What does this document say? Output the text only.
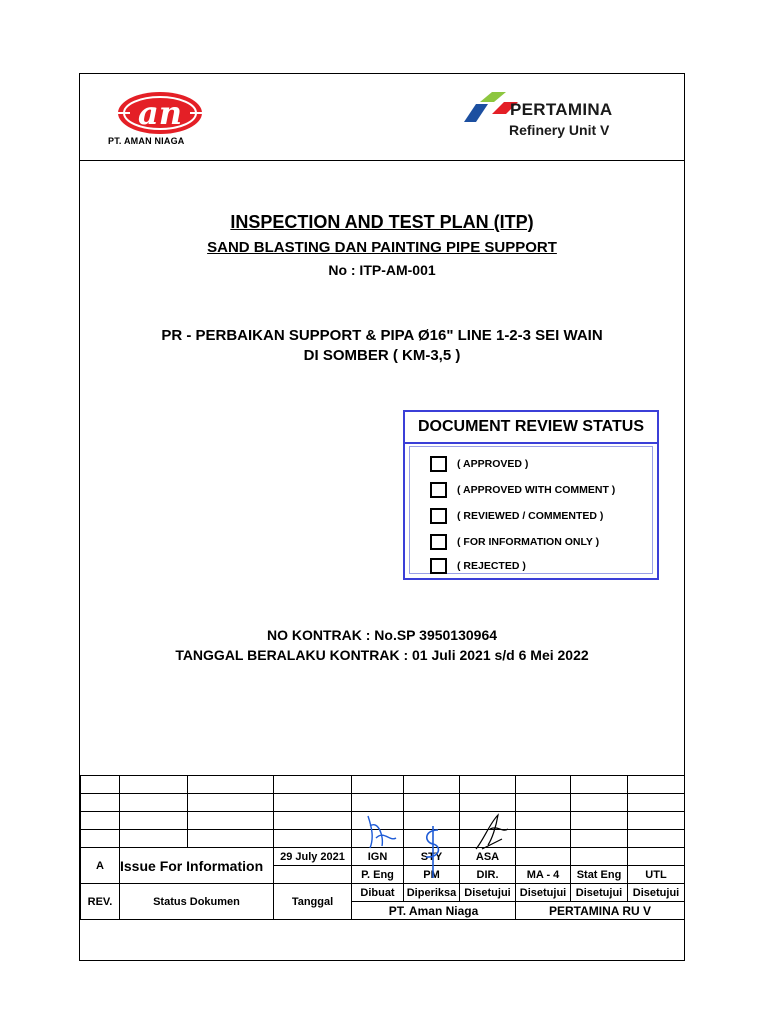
an
PT. AMAN NIAGA
PERTAMINA
Refinery Unit V
INSPECTION AND TEST PLAN (ITP)
SAND BLASTING DAN PAINTING PIPE SUPPORT
No : ITP-AM-001
PR - PERBAIKAN SUPPORT & PIPA Ø16" LINE 1-2-3 SEI WAIN
DI SOMBER ( KM-3,5 )
DOCUMENT REVIEW STATUS
( APPROVED )
( APPROVED WITH COMMENT )
( REVIEWED / COMMENTED )
( FOR INFORMATION ONLY )
( REJECTED )
NO KONTRAK : No.SP 3950130964
TANGGAL BERALAKU KONTRAK : 01 Juli 2021 s/d 6 Mei 2022

A	Issue For Information		29 July 2021	IGN	STY	ASA			
				P. Eng	PM	DIR.	MA - 4	Stat Eng	UTL
REV.	Status Dokumen		Tanggal	Dibuat	Diperiksa	Disetujui	Disetujui	Disetujui	Disetujui
				PT. Aman Niaga			PERTAMINA RU V		
